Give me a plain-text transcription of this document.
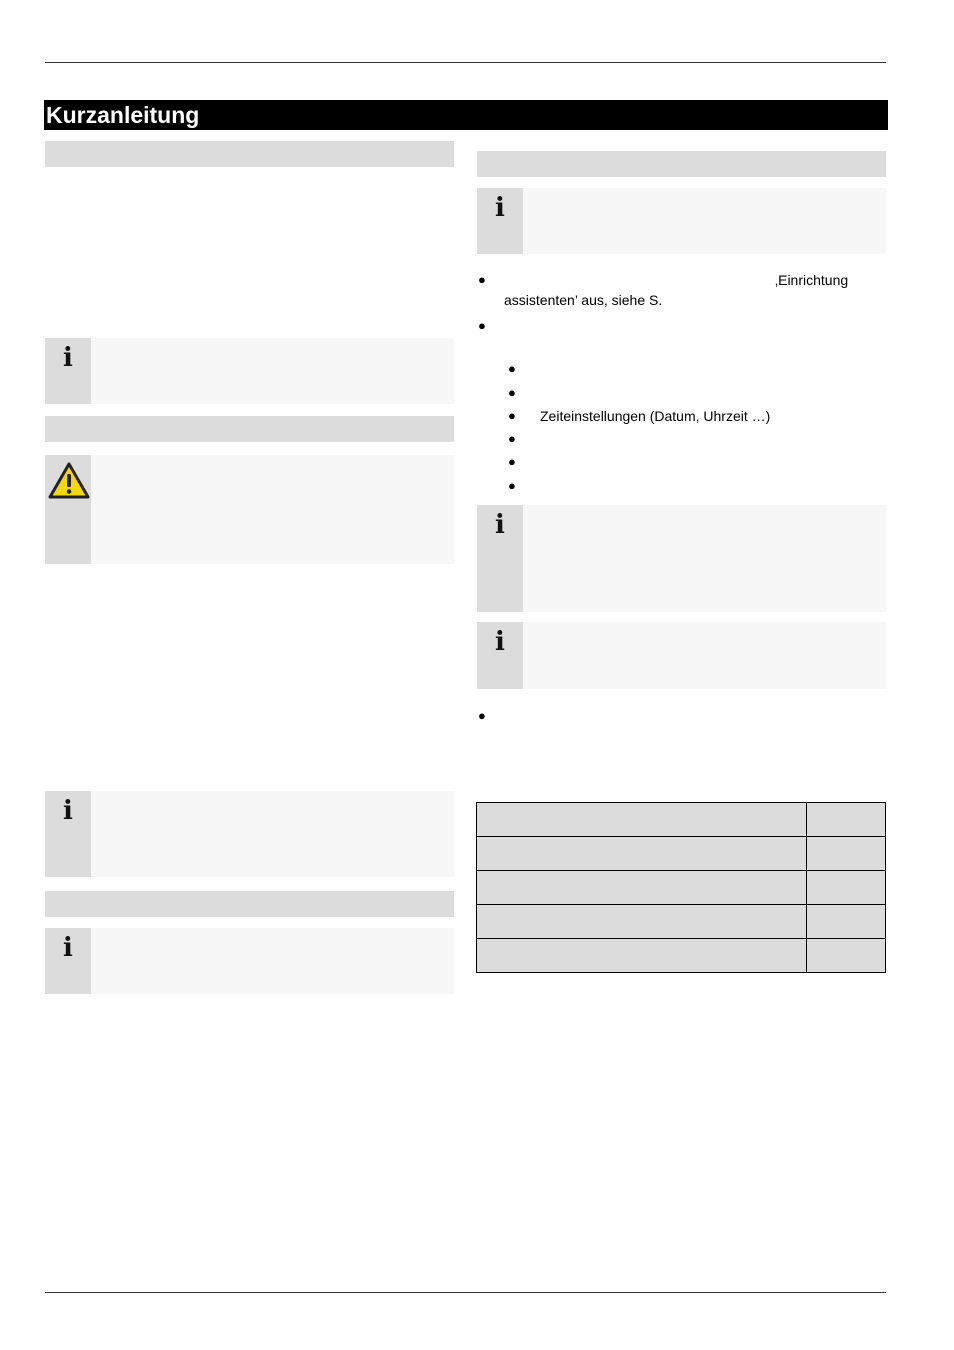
Kurzanleitung
i
i
i
i
●	‚Einrichtung
assistenten’ aus, siehe S.
●
●
●
● Zeiteinstellungen (Datum, Uhrzeit …)
●
●
●
i
i
●
